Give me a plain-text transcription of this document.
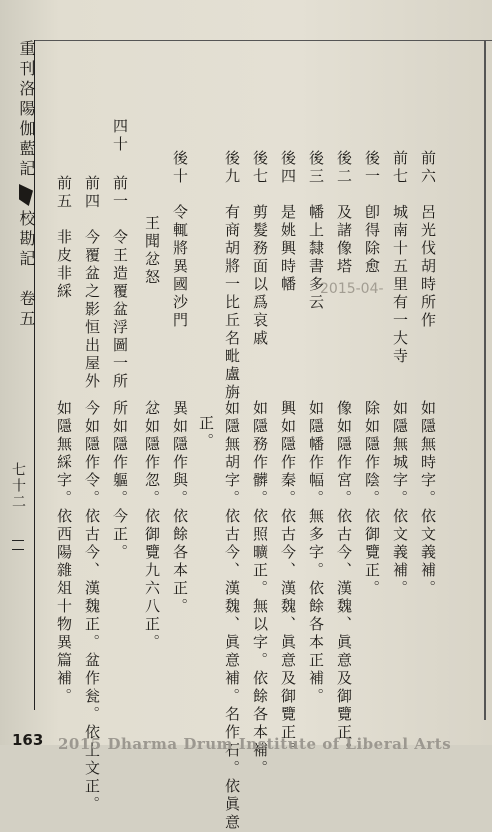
重刊洛陽伽藍記校勘記　卷五
七十二
前六　呂光伐胡時所作
如隱無時字。依文義補。
前七　城南十五里有一大寺
如隱無城字。依文義補。
後一　卽得除愈
除如隱作陰。依御覽正。
後二　及諸像塔
像如隱作宮。依古今、漢魏、眞意及御覽正。
後三　幡上隸書多云
如隱幡作幅。無多字。依餘各本正補。
後四　是姚興時幡
興如隱作秦。依古今、漢魏、眞意及御覽正。
後七　剪髮務面以爲哀戚
如隱務作髒。依照曠正。無以字。依餘各本補。
後九　有商胡將一比丘名毗盧旃
如隱無胡字。依古今、漢魏、眞意補。名作石。依眞意
正。
後十　令輒將異國沙門
異如隱作與。依餘各本正。
王聞忿怒
忿如隱作忽。依御覽九六八正。
四十
前一　令王造覆盆浮圖一所
所如隱作軀。今正。
前四　今覆盆之影恒出屋外
今如隱作令。依古今、漢魏正。盆作瓮。依上文正。
前五　非皮非綵
如隱無綵字。依西陽雜俎十物異篇補。
2015-04-
163 2015 Dharma Drum Institute of Liberal Arts
